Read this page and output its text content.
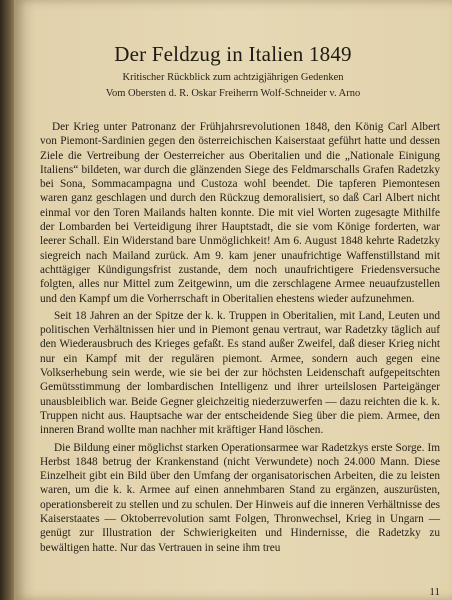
Der Feldzug in Italien 1849
Kritischer Rückblick zum achtzigjährigen Gedenken
Vom Obersten d. R. Oskar Freiherrn Wolf-Schneider v. Arno

Der Krieg unter Patronanz der Frühjahrsrevolutionen 1848, den König Carl Albert von Piemont-Sardinien gegen den österreichischen Kaiserstaat geführt hatte und dessen Ziele die Vertreibung der Oesterreicher aus Oberitalien und die „Nationale Einigung Italiens“ bildeten, war durch die glänzenden Siege des Feldmarschalls Grafen Radetzky bei Sona, Sommacampagna und Custoza wohl beendet. Die tapferen Piemontesen waren ganz geschlagen und durch den Rückzug demoralisiert, so daß Carl Albert nicht einmal vor den Toren Mailands halten konnte. Die mit viel Worten zugesagte Mithilfe der Lombarden bei Verteidigung ihrer Hauptstadt, die sie vom Könige forderten, war leerer Schall. Ein Widerstand bare Unmöglichkeit! Am 6. August 1848 kehrte Radetzky siegreich nach Mailand zurück. Am 9. kam jener unaufrichtige Waffenstillstand mit achttägiger Kündigungsfrist zustande, dem noch unaufrichtigere Friedensversuche folgten, alles nur Mittel zum Zeitgewinn, um die zerschlagene Armee neuaufzustellen und den Kampf um die Vorherrschaft in Oberitalien ehestens wieder aufzunehmen.

Seit 18 Jahren an der Spitze der k. k. Truppen in Oberitalien, mit Land, Leuten und politischen Verhältnissen hier und in Piemont genau vertraut, war Radetzky täglich auf den Wiederausbruch des Krieges gefaßt. Es stand außer Zweifel, daß dieser Krieg nicht nur ein Kampf mit der regulären piemont. Armee, sondern auch gegen eine Volkserhebung sein werde, wie sie bei der zur höchsten Leidenschaft aufgepeitschten Gemütsstimmung der lombardischen Intelligenz und ihrer urteilslosen Parteigänger unausbleiblich war. Beide Gegner gleichzeitig niederzuwerfen — dazu reichten die k. k. Truppen nicht aus. Hauptsache war der entscheidende Sieg über die piem. Armee, den inneren Brand wollte man nachher mit kräftiger Hand löschen.

Die Bildung einer möglichst starken Operationsarmee war Radetzkys erste Sorge. Im Herbst 1848 betrug der Krankenstand (nicht Verwundete) noch 24.000 Mann. Diese Einzelheit gibt ein Bild über den Umfang der organisatorischen Arbeiten, die zu leisten waren, um die k. k. Armee auf einen annehmbaren Stand zu ergänzen, auszurüsten, operationsbereit zu stellen und zu schulen. Der Hinweis auf die inneren Verhältnisse des Kaiserstaates — Oktoberrevolution samt Folgen, Thronwechsel, Krieg in Ungarn — genügt zur Illustration der Schwierigkeiten und Hindernisse, die Radetzky zu bewältigen hatte. Nur das Vertrauen in seine ihm treu

11
